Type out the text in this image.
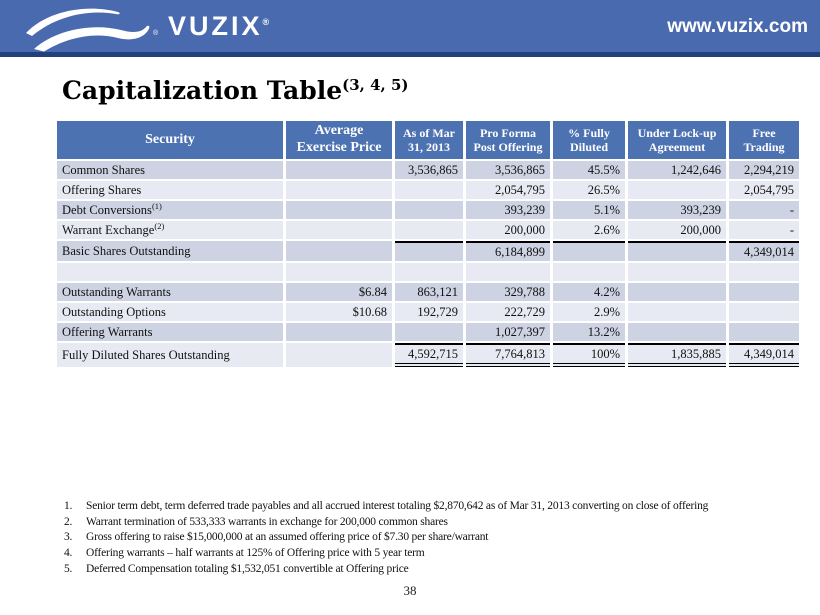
® VUZIX®	www.vuzix.com
Capitalization Table$^{(3, 4, 5)}$
Security	Average Exercise Price	As of Mar 31, 2013	Pro Forma Post Offering	% Fully Diluted	Under Lock-up Agreement	Free Trading
Common Shares		3,536,865	3,536,865	45.5%	1,242,646	2,294,219
Offering Shares			2,054,795	26.5%		2,054,795
Debt Conversions$^{(1)}$			393,239	5.1%	393,239	-
Warrant Exchange$^{(2)}$			200,000	2.6%	200,000	-
Basic Shares Outstanding			6,184,899			4,349,014

Outstanding Warrants	$6.84	863,121	329,788	4.2%		
Outstanding Options	$10.68	192,729	222,729	2.9%		
Offering Warrants			1,027,397	13.2%		
Fully Diluted Shares Outstanding		4,592,715	7,764,813	100%	1,835,885	4,349,014
1.	Senior term debt, term deferred trade payables and all accrued interest totaling $2,870,642 as of Mar 31, 2013 converting on close of offering
2.	Warrant termination of 533,333 warrants in exchange for 200,000 common shares
3.	Gross offering to raise $15,000,000 at an assumed offering price of $7.30 per share/warrant
4.	Offering warrants – half warrants at 125% of Offering price with 5 year term
5.	Deferred Compensation totaling $1,532,051 convertible at Offering price
38
